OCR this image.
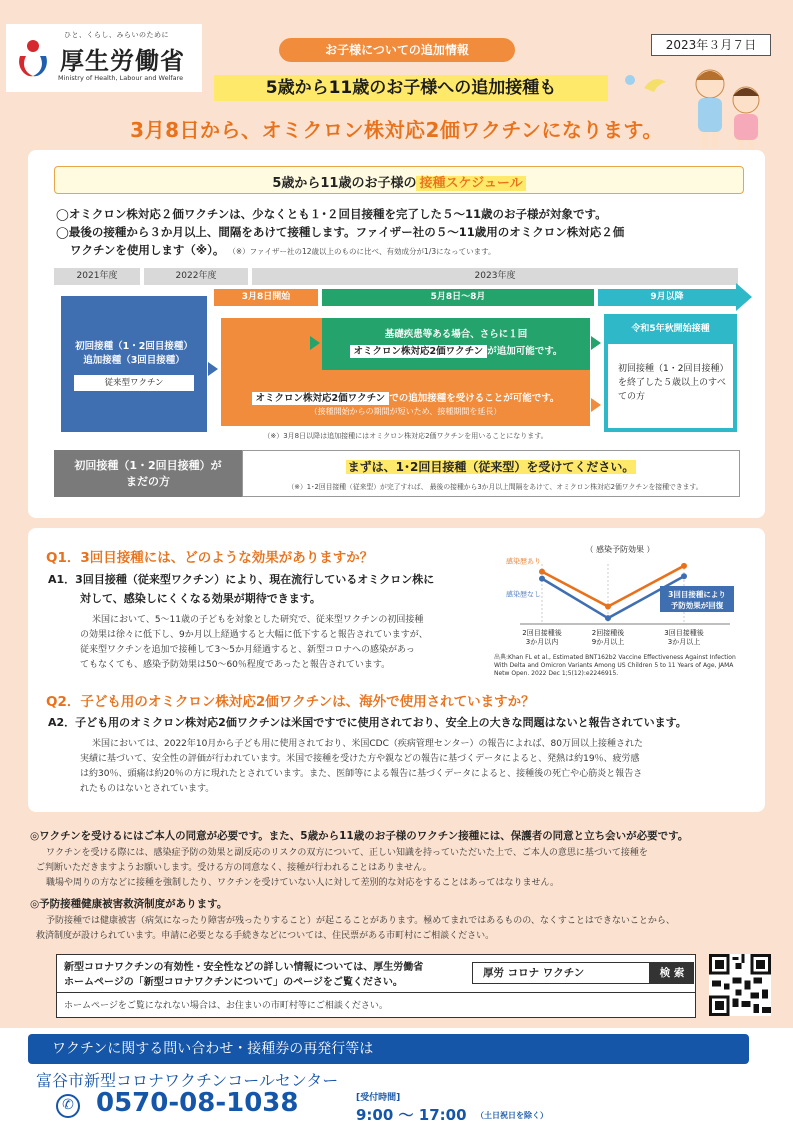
ひと、くらし、みらいのために
厚生労働省
Ministry of Health, Labour and Welfare
お子様についての追加情報	2023年３月７日
5歳から11歳のお子様への追加接種も
3月8日から、オミクロン株対応2価ワクチンになります。
5歳から11歳のお子様の 接種スケジュール
◯オミクロン株対応２価ワクチンは、少なくとも１･２回目接種を完了した５～11歳のお子様が対象です。
◯最後の接種から３か月以上、間隔をあけて接種します。ファイザー社の５～11歳用のオミクロン株対応２価
ワクチンを使用します（※）。 （※）ファイザー社の12歳以上のものに比べ、有効成分が1/3になっています。
2021年度	2022年度	2023年度
3月8日開始	5月8日～8月	9月以降
初回接種（1・2回目接種）
追加接種（3回目接種）
従来型ワクチン
基礎疾患等ある場合、さらに１回
オミクロン株対応2価ワクチン が追加可能です。
オミクロン株対応2価ワクチン での追加接種を受けることが可能です。
（接種開始からの期間が短いため、接種期間を延長）
令和5年秋開始接種
初回接種（1・2回目接種）を終了した５歳以上のすべての方
（※）3月8日以降は追加接種にはオミクロン株対応2価ワクチンを用いることになります。
初回接種（1・2回目接種）が
まだの方
まずは、1･2回目接種（従来型）を受けてください。
（※）1･2回目接種（従来型）が完了すれば、 最後の接種から3か月以上間隔をあけて、オミクロン株対応2価ワクチンを接種できます。
Q1．3回目接種には、どのような効果がありますか？
A1．3回目接種（従来型ワクチン）により、現在流行しているオミクロン株に
対して、感染しにくくなる効果が期待できます。
米国において、5～11歳の子どもを対象とした研究で、従来型ワクチンの初回接種
の効果は徐々に低下し、9か月以上経過すると大幅に低下すると報告されていますが、
従来型ワクチンを追加で接種して3～5か月経過すると、新型コロナへの感染があっ
てもなくても、感染予防効果は50～60％程度であったと報告されています。
（ 感染予防効果 ）
感染歴あり
感染歴なし	3回目接種により
予防効果が回復
2回目接種後
3か月以内
2回接種後
9か月以上
3回目接種後
3か月以上
出典:Khan FL et al., Estimated BNT162b2 Vaccine Effectiveness Against Infection With Delta and Omicron Variants Among US Children 5 to 11 Years of Age, JAMA Netw Open. 2022 Dec 1;5(12):e2246915.
Q2．子ども用のオミクロン株対応2価ワクチンは、海外で使用されていますか？
A2．子ども用のオミクロン株対応2価ワクチンは米国ですでに使用されており、安全上の大きな問題はないと報告されています。
米国においては、2022年10月から子ども用に使用されており、米国CDC（疾病管理センター）の報告によれば、80万回以上接種された
実績に基づいて、安全性の評価が行われています。米国で接種を受けた方や親などの報告に基づくデータによると、発熱は約19％、疲労感
は約30％、頭痛は約20％の方に現れたとされています。また、医師等による報告に基づくデータによると、接種後の死亡や心筋炎と報告さ
れたものはないとされています。
◎ワクチンを受けるにはご本人の同意が必要です。また、5歳から11歳のお子様のワクチン接種には、保護者の同意と立ち会いが必要です。
ワクチンを受ける際には、感染症予防の効果と副反応のリスクの双方について、正しい知識を持っていただいた上で、ご本人の意思に基づいて接種を
ご判断いただきますようお願いします。受ける方の同意なく、接種が行われることはありません。
職場や周りの方などに接種を強制したり、ワクチンを受けていない人に対して差別的な対応をすることはあってはなりません。
◎予防接種健康被害救済制度があります。
予防接種では健康被害（病気になったり障害が残ったりすること）が起こることがあります。極めてまれではあるものの、なくすことはできないことから、
救済制度が設けられています。申請に必要となる手続きなどについては、住民票がある市町村にご相談ください。
新型コロナワクチンの有効性・安全性などの詳しい情報については、厚生労働省
ホームページの「新型コロナワクチンについて」のページをご覧ください。
ホームページをご覧になれない場合は、お住まいの市町村等にご相談ください。
厚労 コロナ ワクチン	検 索
ワクチンに関する問い合わせ・接種券の再発行等は
富谷市新型コロナワクチンコールセンター
✆ 0570-08-1038	[受付時間]
9:00 ～ 17:00 （土日祝日を除く）
